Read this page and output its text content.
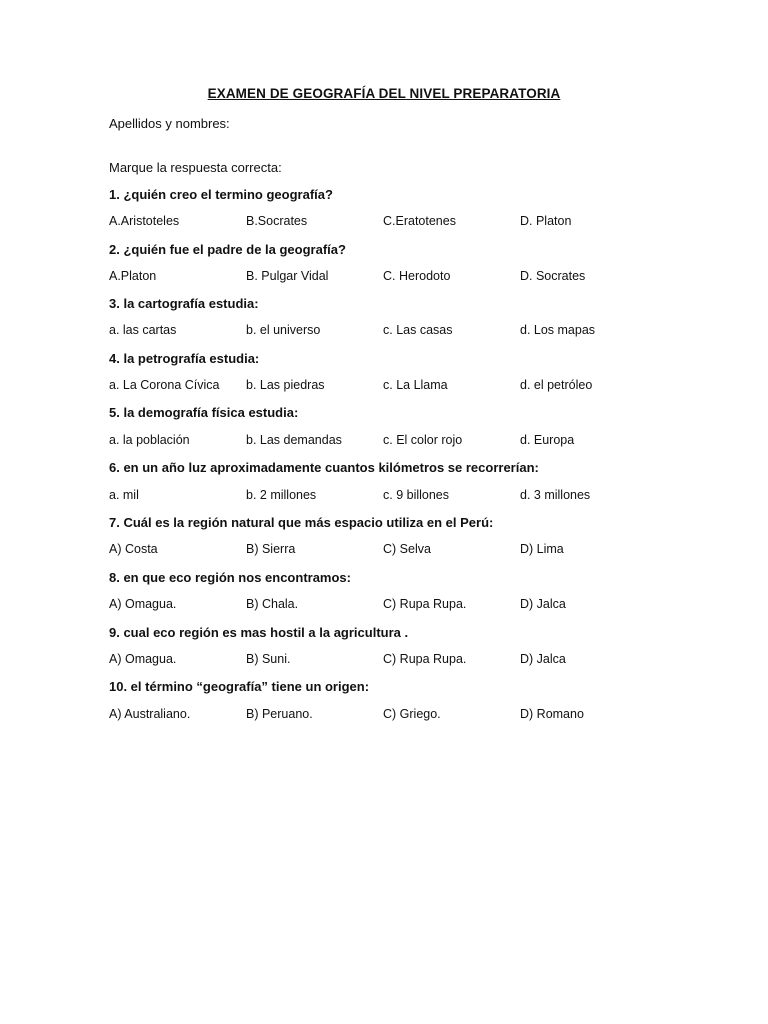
EXAMEN DE GEOGRAFÍA DEL NIVEL PREPARATORIA
Apellidos y nombres:
Marque la respuesta correcta:
1. ¿quién creo el termino geografía?
A.Aristoteles	B.Socrates	C.Eratotenes	D. Platon
2. ¿quién fue el padre de la geografía?
A.Platon	B. Pulgar Vidal	C. Herodoto	D. Socrates
3. la cartografía estudia:
a. las cartas	b. el universo	c. Las casas	d. Los mapas
4. la petrografía estudia:
a. La Corona Cívica b. Las piedras	c. La Llama	d. el petróleo
5. la demografía física estudia:
a. la población	b. Las demandas	c. El color rojo	d. Europa
6. en un año luz aproximadamente cuantos kilómetros se recorrerían:
a. mil	b. 2 millones	c. 9 billones	d. 3 millones
7. Cuál es la región natural que más espacio utiliza en el Perú:
A) Costa	B) Sierra	C) Selva	D) Lima
8. en que eco región nos encontramos:
A) Omagua.	B) Chala.	C) Rupa Rupa.	D) Jalca
9. cual eco región es mas hostil a la agricultura .
A) Omagua.	B) Suni.	C) Rupa Rupa.	D) Jalca
10. el término “geografía” tiene un origen:
A) Australiano.	B) Peruano.	C) Griego.	D) Romano
